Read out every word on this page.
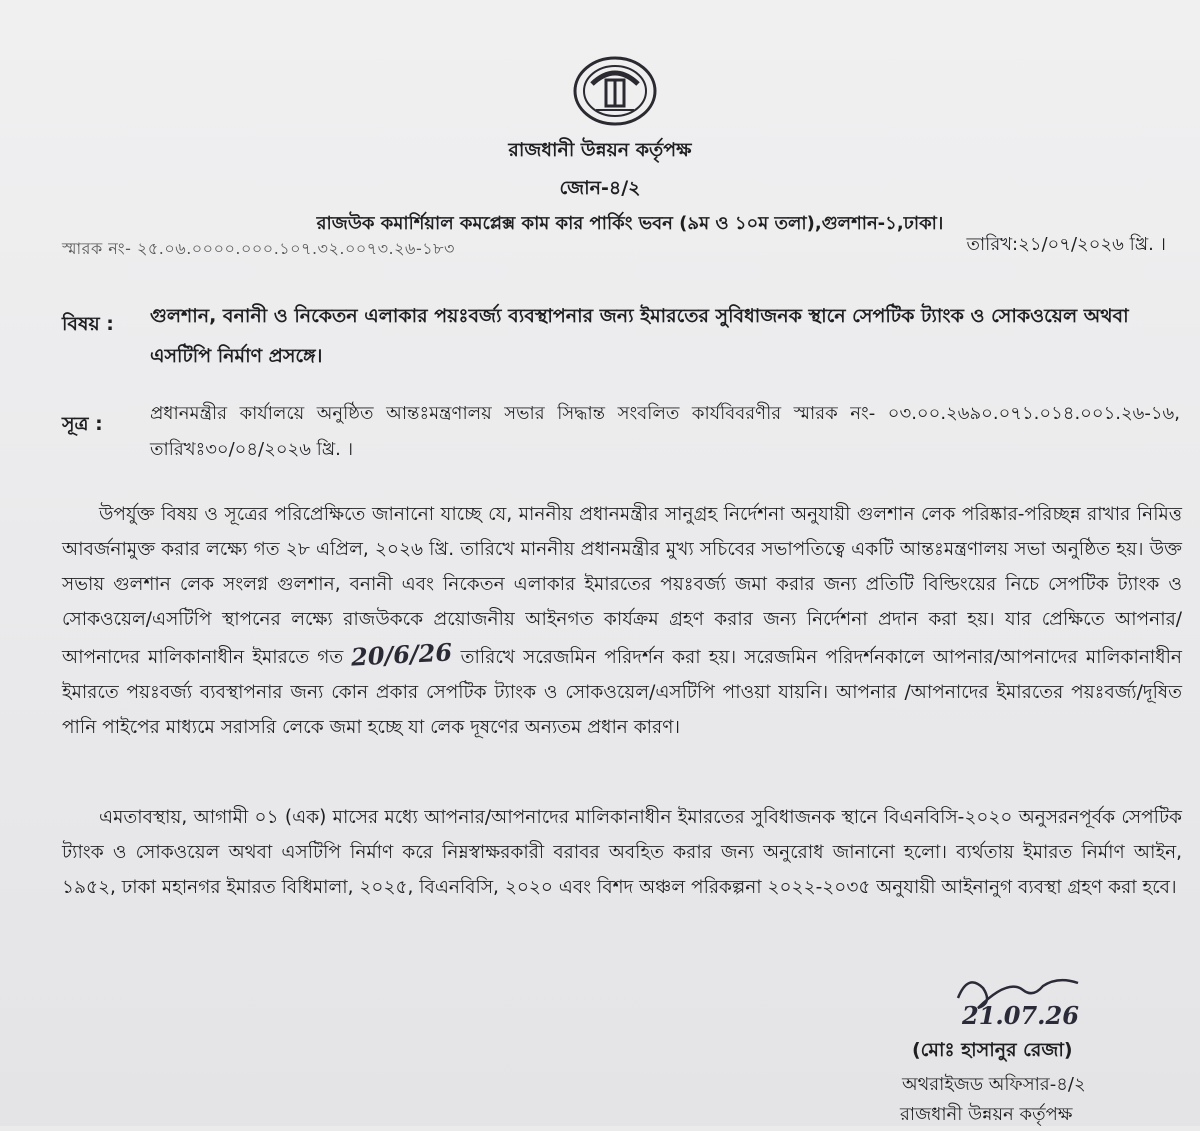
রাজধানী উন্নয়ন কর্তৃপক্ষ
জোন-৪/২
রাজউক কমার্শিয়াল কমপ্লেক্স কাম কার পার্কিং ভবন (৯ম ও ১০ম তলা),গুলশান-১,ঢাকা।
স্মারক নং- ২৫.০৬.০০০০.০০০.১০৭.৩২.০০৭৩.২৬-১৮৩	তারিখ:২১/০৭/২০২৬ খ্রি. ।
বিষয় : গুলশান, বনানী ও নিকেতন এলাকার পয়ঃবর্জ্য ব্যবস্থাপনার জন্য ইমারতের সুবিধাজনক স্থানে সেপটিক ট্যাংক ও সোকওয়েল অথবা এসটিপি নির্মাণ প্রসঙ্গে।
সূত্র :	প্রধানমন্ত্রীর কার্যালয়ে অনুষ্ঠিত আন্তঃমন্ত্রণালয় সভার সিদ্ধান্ত সংবলিত কার্যবিবরণীর স্মারক নং- ০৩.০০.২৬৯০.০৭১.০১৪.০০১.২৬-১৬, তারিখঃ৩০/০৪/২০২৬ খ্রি. ।
  উপর্যুক্ত বিষয় ও সূত্রের পরিপ্রেক্ষিতে জানানো যাচ্ছে যে, মাননীয় প্রধানমন্ত্রীর সানুগ্রহ নির্দেশনা অনুযায়ী গুলশান লেক পরিষ্কার-পরিচ্ছন্ন রাখার নিমিত্ত আবর্জনামুক্ত করার লক্ষ্যে গত ২৮ এপ্রিল, ২০২৬ খ্রি. তারিখে মাননীয় প্রধানমন্ত্রীর মুখ্য সচিবের সভাপতিত্বে একটি আন্তঃমন্ত্রণালয় সভা অনুষ্ঠিত হয়। উক্ত সভায় গুলশান লেক সংলগ্ন গুলশান, বনানী এবং নিকেতন এলাকার ইমারতের পয়ঃবর্জ্য জমা করার জন্য প্রতিটি বিল্ডিংয়ের নিচে সেপটিক ট্যাংক ও সোকওয়েল/এসটিপি স্থাপনের লক্ষ্যে রাজউককে প্রয়োজনীয় আইনগত কার্যক্রম গ্রহণ করার জন্য নির্দেশনা প্রদান করা হয়। যার প্রেক্ষিতে আপনার/আপনাদের মালিকানাধীন ইমারতে গত 20/6/26 তারিখে সরেজমিন পরিদর্শন করা হয়। সরেজমিন পরিদর্শনকালে আপনার/আপনাদের মালিকানাধীন ইমারতে পয়ঃবর্জ্য ব্যবস্থাপনার জন্য কোন প্রকার সেপটিক ট্যাংক ও সোকওয়েল/এসটিপি পাওয়া যায়নি। আপনার /আপনাদের ইমারতের পয়ঃবর্জ্য/দূষিত পানি পাইপের মাধ্যমে সরাসরি লেকে জমা হচ্ছে যা লেক দূষণের অন্যতম প্রধান কারণ।
  এমতাবস্থায়, আগামী ০১ (এক) মাসের মধ্যে আপনার/আপনাদের মালিকানাধীন ইমারতের সুবিধাজনক স্থানে বিএনবিসি-২০২০ অনুসরনপূর্বক সেপটিক ট্যাংক ও সোকওয়েল অথবা এসটিপি নির্মাণ করে নিম্নস্বাক্ষরকারী বরাবর অবহিত করার জন্য অনুরোধ জানানো হলো। ব্যর্থতায় ইমারত নির্মাণ আইন, ১৯৫২, ঢাকা মহানগর ইমারত বিধিমালা, ২০২৫, বিএনবিসি, ২০২০ এবং বিশদ অঞ্চল পরিকল্পনা ২০২২-২০৩৫ অনুযায়ী আইনানুগ ব্যবস্থা গ্রহণ করা হবে।
21.07.26
(মোঃ হাসানুর রেজা)
অথরাইজড অফিসার-৪/২
রাজধানী উন্নয়ন কর্তৃপক্ষ
